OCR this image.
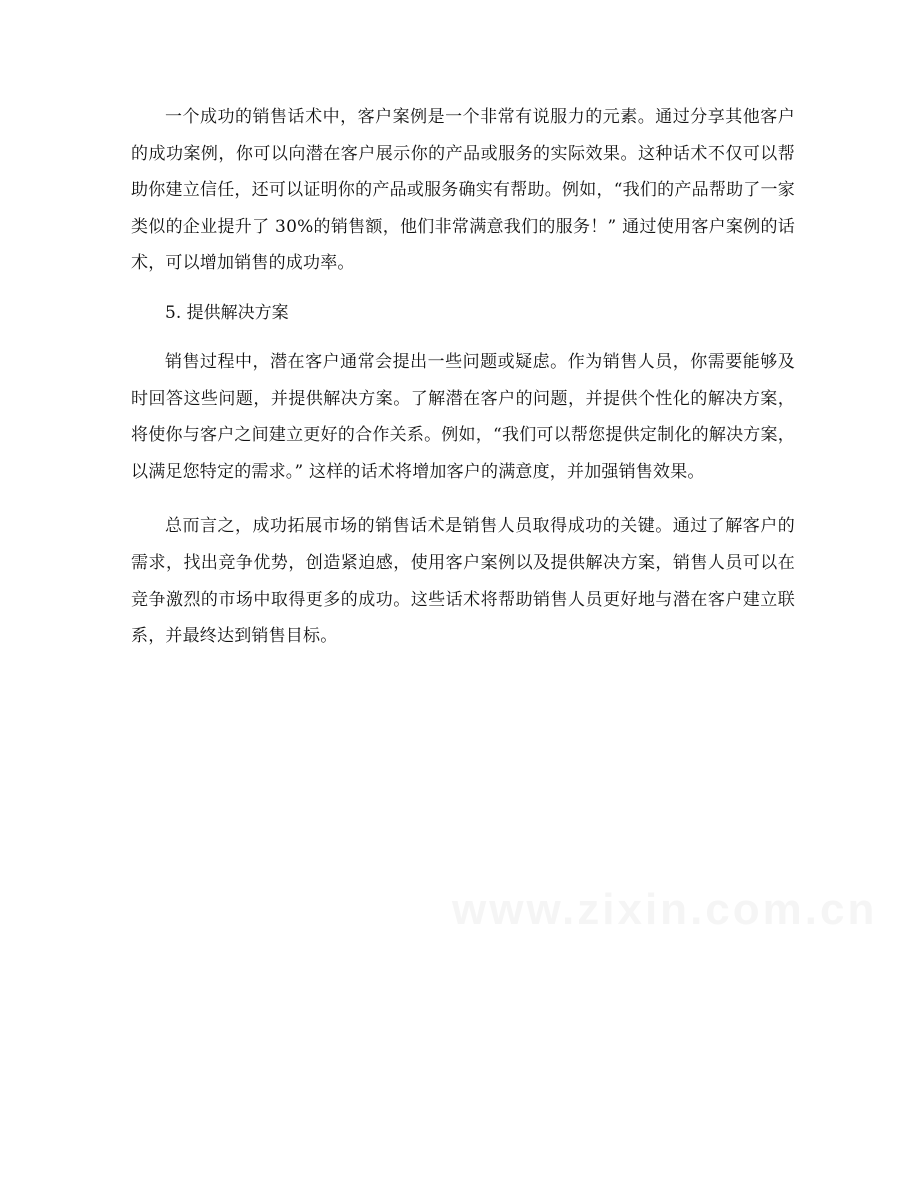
一个成功的销售话术中，客户案例是一个非常有说服力的元素。通过分享其他客户的成功案例，你可以向潜在客户展示你的产品或服务的实际效果。这种话术不仅可以帮助你建立信任，还可以证明你的产品或服务确实有帮助。例如，“我们的产品帮助了一家类似的企业提升了 30%的销售额，他们非常满意我们的服务！” 通过使用客户案例的话术，可以增加销售的成功率。

5. 提供解决方案

销售过程中，潜在客户通常会提出一些问题或疑虑。作为销售人员，你需要能够及时回答这些问题，并提供解决方案。了解潜在客户的问题，并提供个性化的解决方案，将使你与客户之间建立更好的合作关系。例如，“我们可以帮您提供定制化的解决方案，以满足您特定的需求。” 这样的话术将增加客户的满意度，并加强销售效果。

总而言之，成功拓展市场的销售话术是销售人员取得成功的关键。通过了解客户的需求，找出竞争优势，创造紧迫感，使用客户案例以及提供解决方案，销售人员可以在竞争激烈的市场中取得更多的成功。这些话术将帮助销售人员更好地与潜在客户建立联系，并最终达到销售目标。

www.zixin.com.cn
